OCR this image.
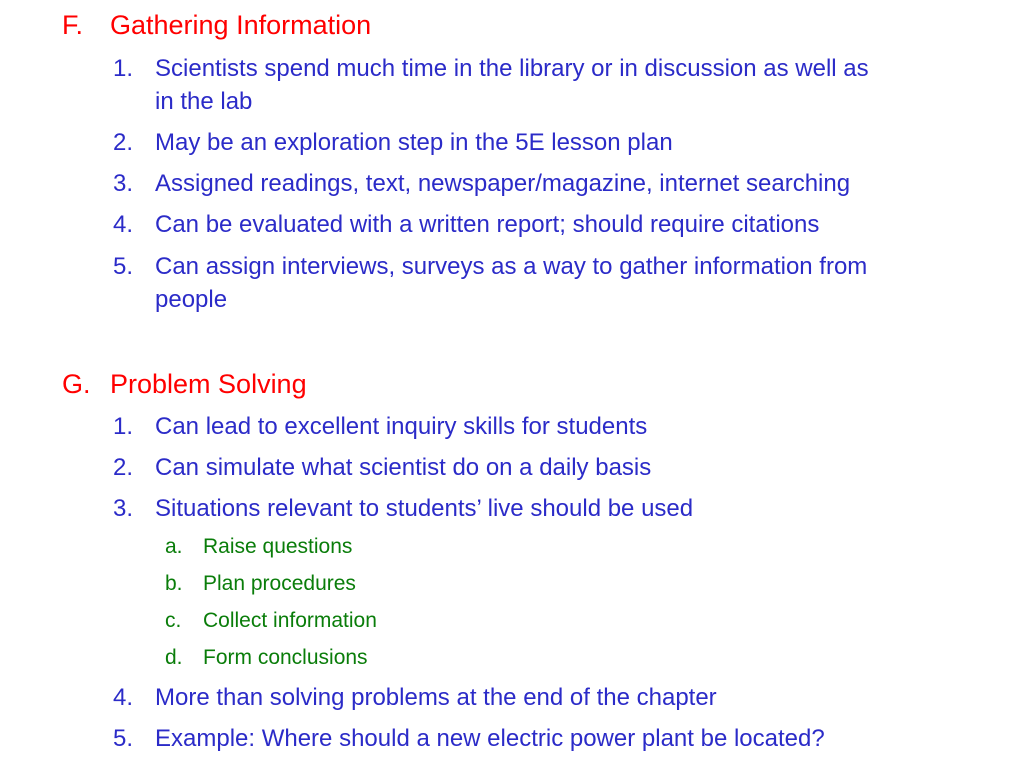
F. Gathering Information
1. Scientists spend much time in the library or in discussion as well as
in the lab
2. May be an exploration step in the 5E lesson plan
3. Assigned readings, text, newspaper/magazine, internet searching
4. Can be evaluated with a written report; should require citations
5. Can assign interviews, surveys as a way to gather information from
people
G. Problem Solving
1. Can lead to excellent inquiry skills for students
2. Can simulate what scientist do on a daily basis
3. Situations relevant to students’ live should be used
a. Raise questions
b. Plan procedures
c. Collect information
d. Form conclusions
4. More than solving problems at the end of the chapter
5. Example: Where should a new electric power plant be located?
